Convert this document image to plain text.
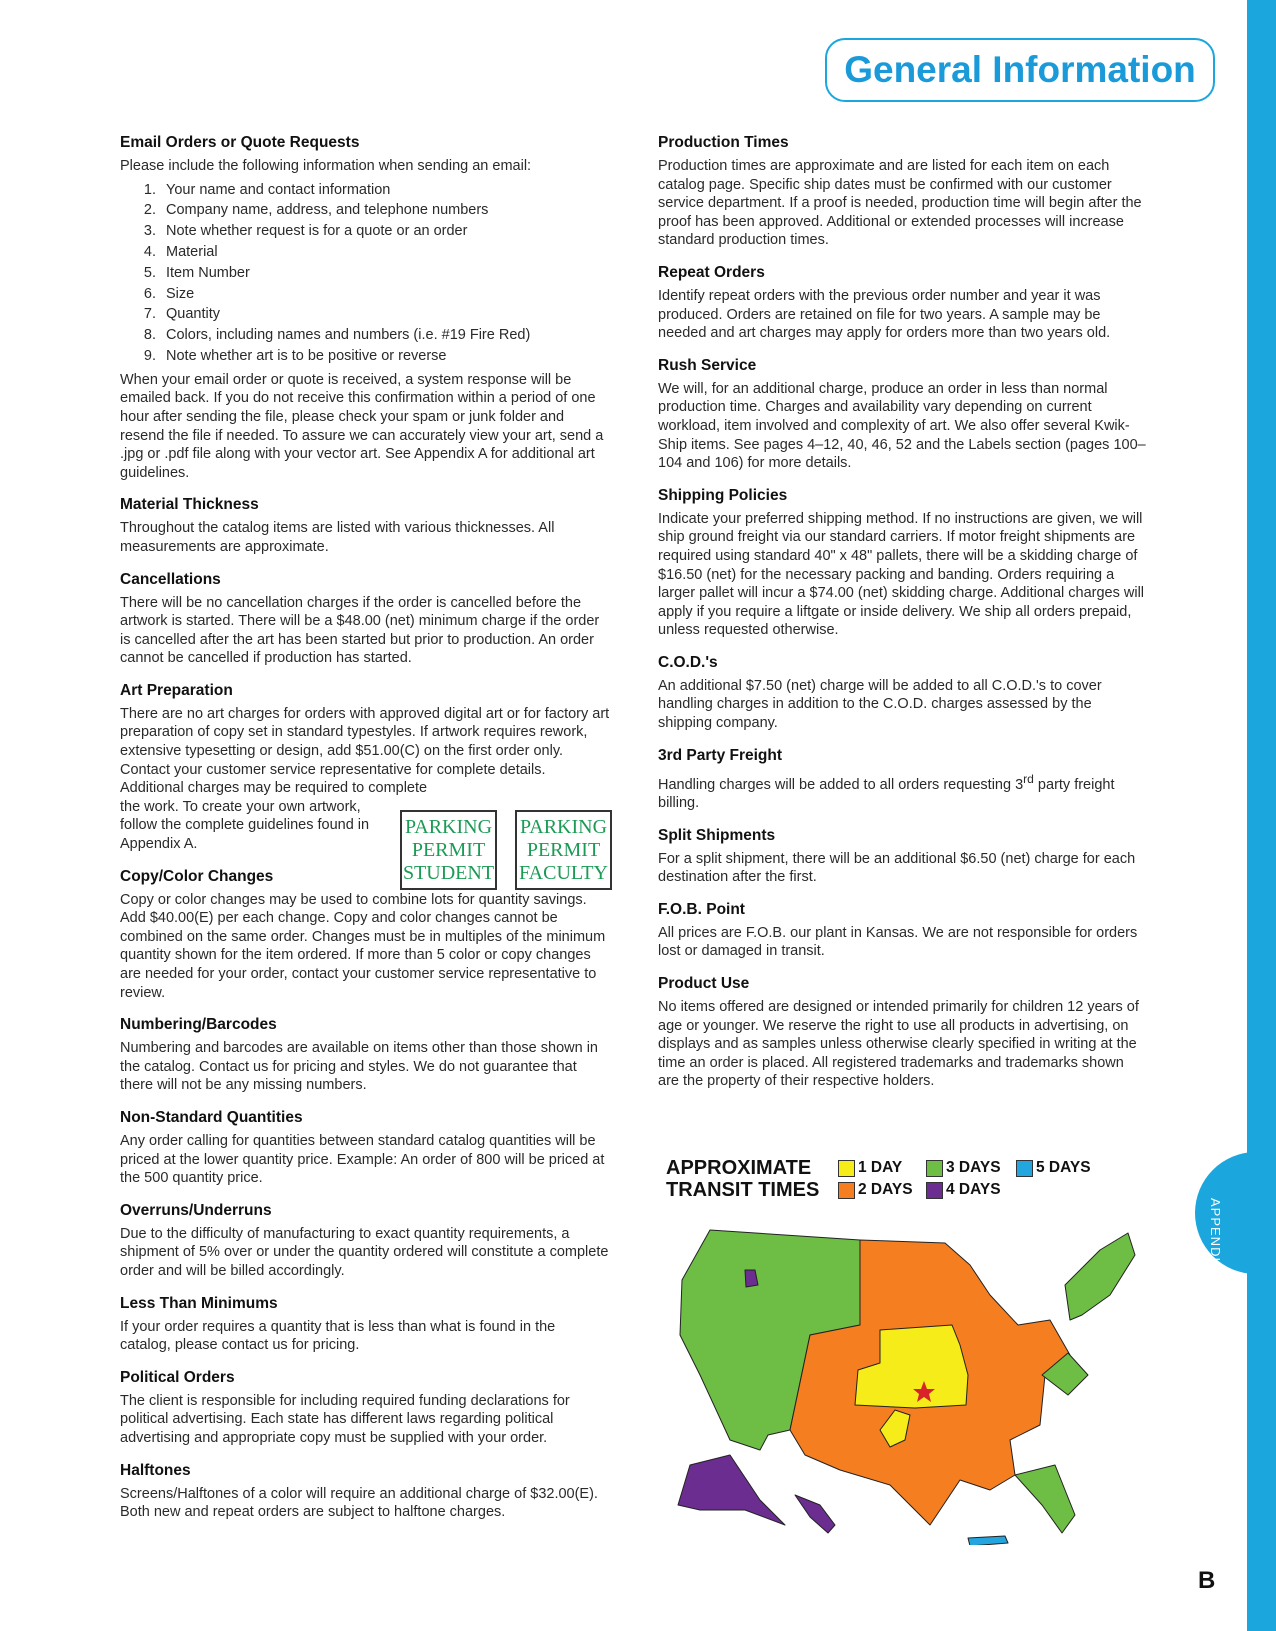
APPENDIX
General Information
Email Orders or Quote Requests

Please include the following information when sending an email:

1. Your name and contact information
2. Company name, address, and telephone numbers
3. Note whether request is for a quote or an order
4. Material
5. Item Number
6. Size
7. Quantity
8. Colors, including names and numbers (i.e. #19 Fire Red)
9. Note whether art is to be positive or reverse

When your email order or quote is received, a system response will be emailed back. If you do not receive this confirmation within a period of one hour after sending the file, please check your spam or junk folder and resend the file if needed. To assure we can accurately view your art, send a .jpg or .pdf file along with your vector art. See Appendix A for additional art guidelines.

Material Thickness

Throughout the catalog items are listed with various thicknesses. All measurements are approximate.

Cancellations

There will be no cancellation charges if the order is cancelled before the artwork is started. There will be a $48.00 (net) minimum charge if the order is cancelled after the art has been started but prior to production. An order cannot be cancelled if production has started.

Art Preparation

There are no art charges for orders with approved digital art or for factory art preparation of copy set in standard typestyles. If artwork requires rework, extensive typesetting or design, add $51.00(C) on the first order only. Contact your customer service representative for complete details. Additional charges may be required to complete

the work. To create your own artwork, follow the complete guidelines found in Appendix A.

Copy/Color Changes

Copy or color changes may be used to combine lots for quantity savings. Add $40.00(E) per each change. Copy and color changes cannot be combined on the same order. Changes must be in multiples of the minimum quantity shown for the item ordered. If more than 5 color or copy changes are needed for your order, contact your customer service representative to review.

Numbering/Barcodes

Numbering and barcodes are available on items other than those shown in the catalog. Contact us for pricing and styles. We do not guarantee that there will not be any missing numbers.

Non-Standard Quantities

Any order calling for quantities between standard catalog quantities will be priced at the lower quantity price. Example: An order of 800 will be priced at the 500 quantity price.

Overruns/Underruns

Due to the difficulty of manufacturing to exact quantity requirements, a shipment of 5% over or under the quantity ordered will constitute a complete order and will be billed accordingly.

Less Than Minimums

If your order requires a quantity that is less than what is found in the catalog, please contact us for pricing.

Political Orders

The client is responsible for including required funding declarations for political advertising. Each state has different laws regarding political advertising and appropriate copy must be supplied with your order.

Halftones

Screens/Halftones of a color will require an additional charge of $32.00(E). Both new and repeat orders are subject to halftone charges.

PARKING
PERMIT
STUDENT
PARKING
PERMIT
FACULTY
Production Times

Production times are approximate and are listed for each item on each catalog page. Specific ship dates must be confirmed with our customer service department. If a proof is needed, production time will begin after the proof has been approved. Additional or extended processes will increase standard production times.

Repeat Orders

Identify repeat orders with the previous order number and year it was produced. Orders are retained on file for two years. A sample may be needed and art charges may apply for orders more than two years old.

Rush Service

We will, for an additional charge, produce an order in less than normal production time. Charges and availability vary depending on current workload, item involved and complexity of art. We also offer several Kwik-Ship items. See pages 4–12, 40, 46, 52 and the Labels section (pages 100–104 and 106) for more details.

Shipping Policies

Indicate your preferred shipping method. If no instructions are given, we will ship ground freight via our standard carriers. If motor freight shipments are required using standard 40" x 48" pallets, there will be a skidding charge of $16.50 (net) for the necessary packing and banding. Orders requiring a larger pallet will incur a $74.00 (net) skidding charge. Additional charges will apply if you require a liftgate or inside delivery. We ship all orders prepaid, unless requested otherwise.

C.O.D.'s

An additional $7.50 (net) charge will be added to all C.O.D.'s to cover handling charges in addition to the C.O.D. charges assessed by the shipping company.

3rd Party Freight

Handling charges will be added to all orders requesting 3rd party freight billing.

Split Shipments

For a split shipment, there will be an additional $6.50 (net) charge for each destination after the first.

F.O.B. Point

All prices are F.O.B. our plant in Kansas. We are not responsible for orders lost or damaged in transit.

Product Use

No items offered are designed or intended primarily for children 12 years of age or younger. We reserve the right to use all products in advertising, on displays and as samples unless otherwise clearly specified in writing at the time an order is placed. All registered trademarks and trademarks shown are the property of their respective holders.

APPROXIMATE
TRANSIT TIMES
1 DAY
2 DAYS
3 DAYS
4 DAYS
5 DAYS
B
